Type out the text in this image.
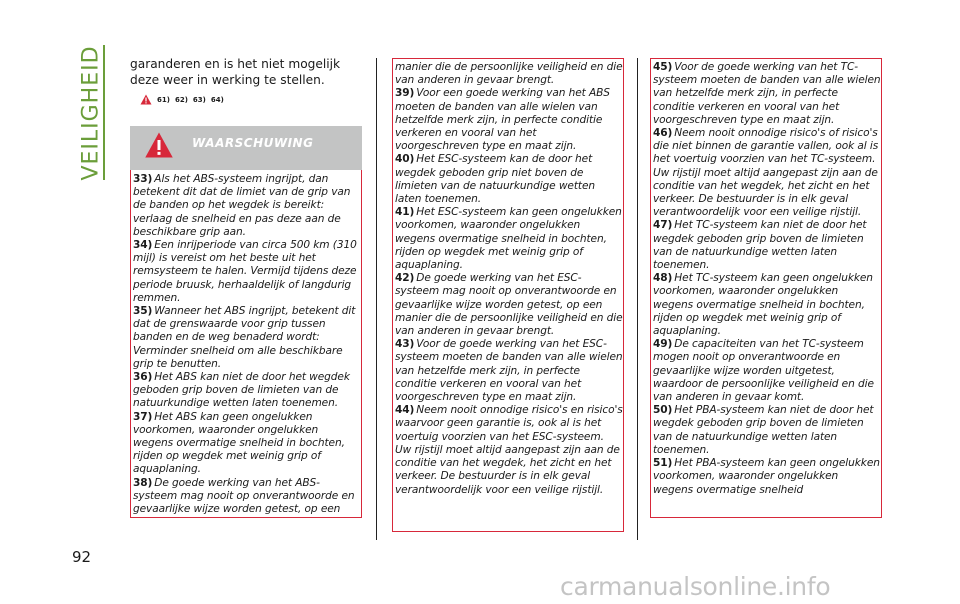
VEILIGHEID
92
garanderen en is het niet mogelijk deze weer in werking te stellen.
61) 62) 63) 64)
WAARSCHUWING

33) Als het ABS-systeem ingrijpt, dan betekent dit dat de limiet van de grip van de banden op het wegdek is bereikt: verlaag de snelheid en pas deze aan de beschikbare grip aan.

34) Een inrijperiode van circa 500 km (310 mijl) is vereist om het beste uit het remsysteem te halen. Vermijd tijdens deze periode bruusk, herhaaldelijk of langdurig remmen.

35) Wanneer het ABS ingrijpt, betekent dit dat de grenswaarde voor grip tussen banden en de weg benaderd wordt: Verminder snelheid om alle beschikbare grip te benutten.

36) Het ABS kan niet de door het wegdek geboden grip boven de limieten van de natuurkundige wetten laten toenemen.

37) Het ABS kan geen ongelukken voorkomen, waaronder ongelukken wegens overmatige snelheid in bochten, rijden op wegdek met weinig grip of aquaplaning.

38) De goede werking van het ABS-systeem mag nooit op onverantwoorde en gevaarlijke wijze worden getest, op een

manier die de persoonlijke veiligheid en die van anderen in gevaar brengt.

39) Voor een goede werking van het ABS moeten de banden van alle wielen van hetzelfde merk zijn, in perfecte conditie verkeren en vooral van het voorgeschreven type en maat zijn.

40) Het ESC-systeem kan de door het wegdek geboden grip niet boven de limieten van de natuurkundige wetten laten toenemen.

41) Het ESC-systeem kan geen ongelukken voorkomen, waaronder ongelukken wegens overmatige snelheid in bochten, rijden op wegdek met weinig grip of aquaplaning.

42) De goede werking van het ESC-systeem mag nooit op onverantwoorde en gevaarlijke wijze worden getest, op een manier die de persoonlijke veiligheid en die van anderen in gevaar brengt.

43) Voor de goede werking van het ESC-systeem moeten de banden van alle wielen van hetzelfde merk zijn, in perfecte conditie verkeren en vooral van het voorgeschreven type en maat zijn.

44) Neem nooit onnodige risico's en risico's waarvoor geen garantie is, ook al is het voertuig voorzien van het ESC-systeem. Uw rijstijl moet altijd aangepast zijn aan de conditie van het wegdek, het zicht en het verkeer. De bestuurder is in elk geval verantwoordelijk voor een veilige rijstijl.

45) Voor de goede werking van het TC-systeem moeten de banden van alle wielen van hetzelfde merk zijn, in perfecte conditie verkeren en vooral van het voorgeschreven type en maat zijn.

46) Neem nooit onnodige risico's of risico's die niet binnen de garantie vallen, ook al is het voertuig voorzien van het TC-systeem. Uw rijstijl moet altijd aangepast zijn aan de conditie van het wegdek, het zicht en het verkeer. De bestuurder is in elk geval verantwoordelijk voor een veilige rijstijl.

47) Het TC-systeem kan niet de door het wegdek geboden grip boven de limieten van de natuurkundige wetten laten toenemen.

48) Het TC-systeem kan geen ongelukken voorkomen, waaronder ongelukken wegens overmatige snelheid in bochten, rijden op wegdek met weinig grip of aquaplaning.

49) De capaciteiten van het TC-systeem mogen nooit op onverantwoorde en gevaarlijke wijze worden uitgetest, waardoor de persoonlijke veiligheid en die van anderen in gevaar komt.

50) Het PBA-systeem kan niet de door het wegdek geboden grip boven de limieten van de natuurkundige wetten laten toenemen.

51) Het PBA-systeem kan geen ongelukken voorkomen, waaronder ongelukken wegens overmatige snelheid

carmanualsonline.info
